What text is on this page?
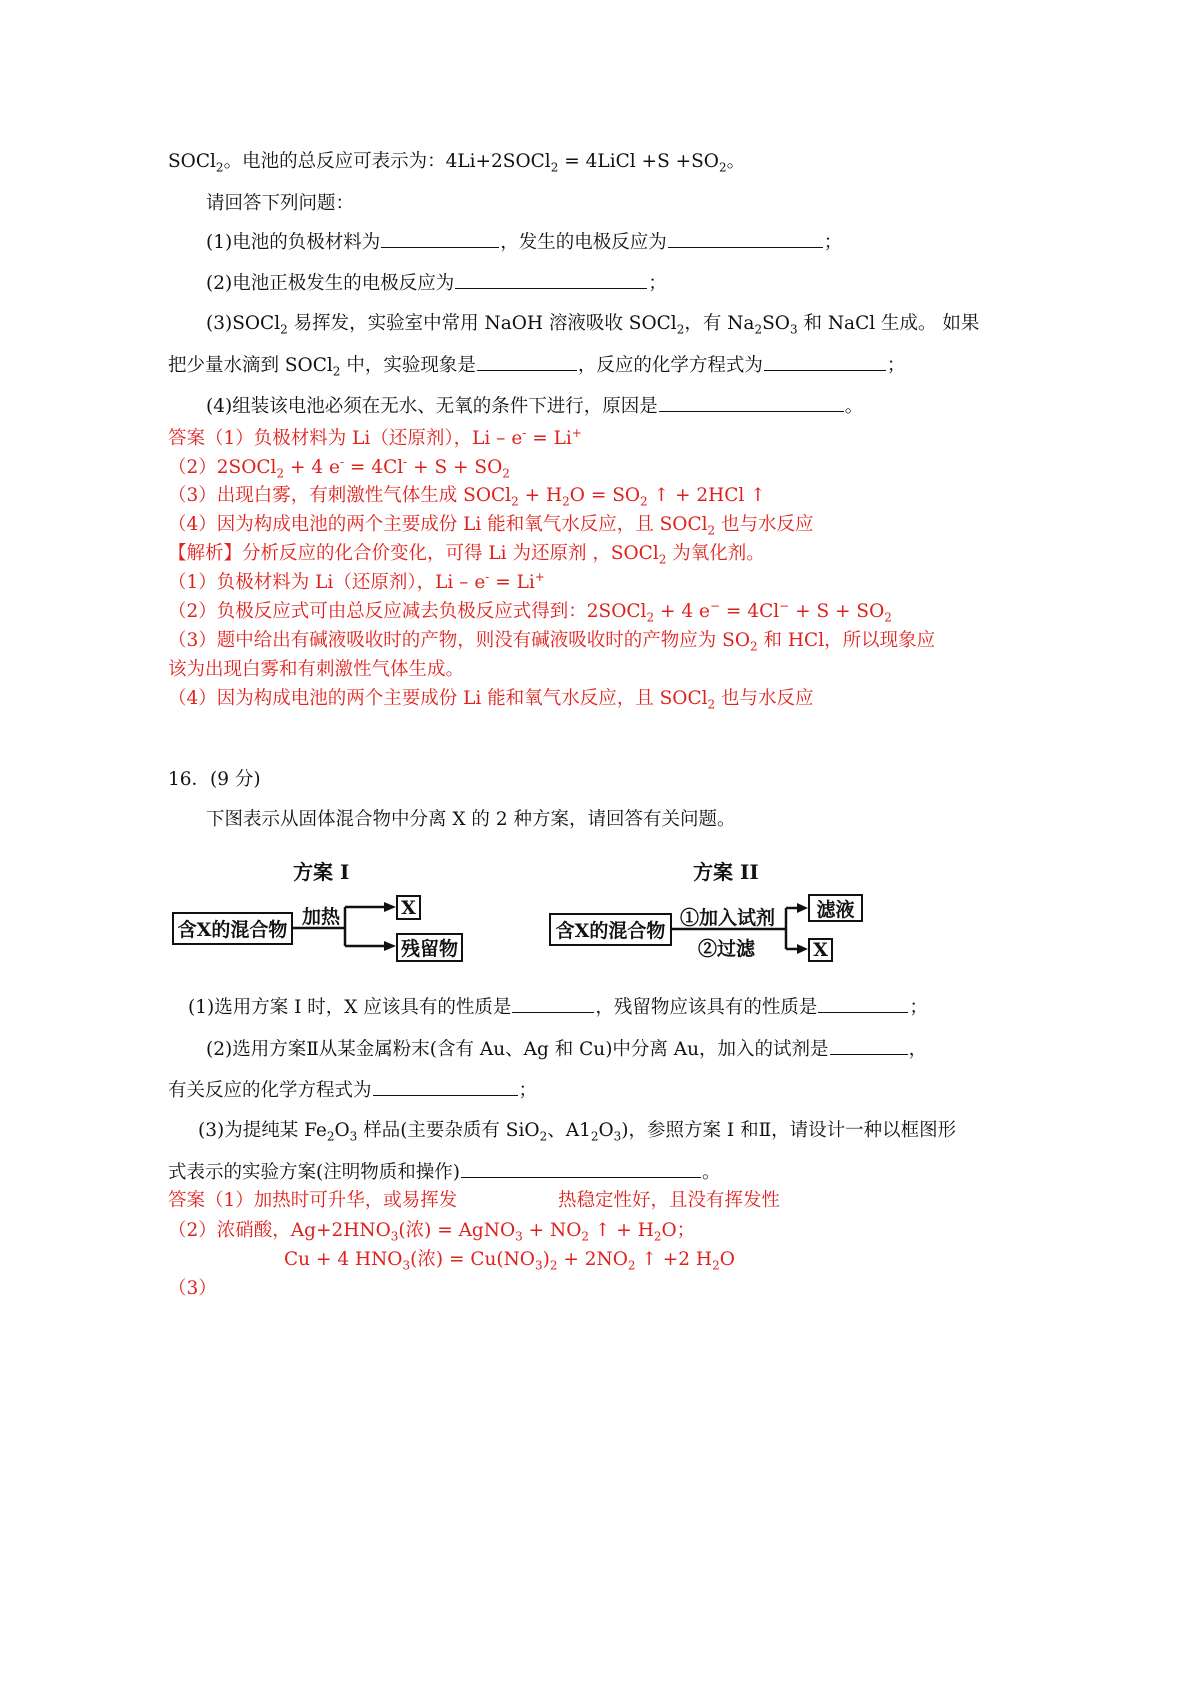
SOCl$_2$。电池的总反应可表示为：4Li+2SOCl$_2$ = 4LiCl $+S +SO_2$。
请回答下列问题：
(1)电池的负极材料为	，发生的电极反应为	；
(2)电池正极发生的电极反应为	；
(3)SOCl$_2$ 易挥发，实验室中常用 NaOH 溶液吸收 SOCl$_2$，有 $Na_2SO_3$ 和 NaCl 生成。 如果
把少量水滴到 SOCl$_2$ 中，实验现象是	，反应的化学方程式为	；
(4)组装该电池必须在无水、无氧的条件下进行，原因是	。
答案（1）负极材料为 Li（还原剂），Li – e- = Li+
（2）2SOCl$_2$ + 4 $e^- = 4Cl^- + S + SO_2$
（3）出现白雾，有刺激性气体生成 SOCl$_2$ + $H_2O = SO_2$ ↑ + 2HCl ↑
（4）因为构成电池的两个主要成份 Li 能和氧气水反应，且 SOCl$_2$ 也与水反应
【解析】分析反应的化合价变化，可得 Li 为还原剂 ，SOCl$_2$ 为氧化剂。
（1）负极材料为 Li（还原剂），Li – e- = Li+
（2）负极反应式可由总反应减去负极反应式得到：2SOCl$_2$ + 4 $e^- = 4Cl^- + S + SO_2$
（3）题中给出有碱液吸收时的产物，则没有碱液吸收时的产物应为 $SO_2$ 和 HCl，所以现象应
该为出现白雾和有刺激性气体生成。
（4）因为构成电池的两个主要成份 Li 能和氧气水反应，且 SOCl$_2$ 也与水反应
16．(9 分)
下图表示从固体混合物中分离 X 的 2 种方案，请回答有关问题。
方案 I
含X的混合物
加热	X
残留物
方案 II
含X的混合物
①加入试剂
②过滤
滤液
X
(1)选用方案 I 时，X 应该具有的性质是	，残留物应该具有的性质是	；
(2)选用方案Ⅱ从某金属粉末(含有 Au、Ag 和 Cu)中分离 Au，加入的试剂是	，
有关反应的化学方程式为	；
(3)为提纯某 $Fe_2O_3$ 样品(主要杂质有 SiO$_2$、$A1_2O_3$)，参照方案 I 和Ⅱ，请设计一种以框图形
式表示的实验方案(注明物质和操作)	。
答案（1）加热时可升华，或易挥发	热稳定性好，且没有挥发性
（2）浓硝酸，$Ag+2HNO_3$(浓) = AgNO$_3$ + $NO_2$ ↑ + $H_2O$；
Cu + 4 $HNO_3$(浓) = $Cu(NO_3)_2 + 2NO_2$ ↑ +2 $H_2O$
（3）
